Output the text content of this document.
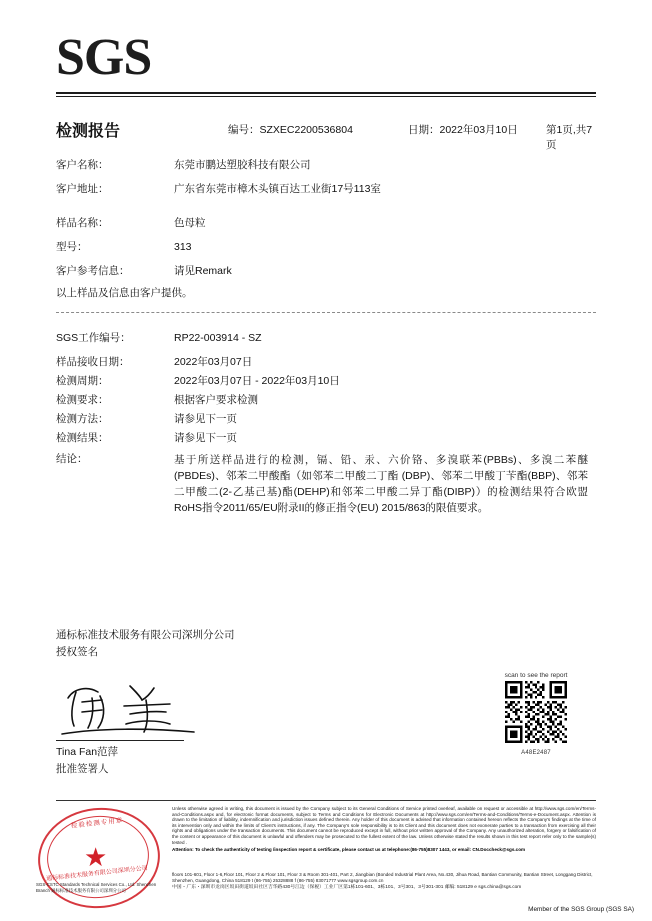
SGS
检测报告	编号：SZXEC2200536804	日期：2022年03月10日	第1页,共7页
客户名称：	东莞市鹏达塑胶科技有限公司
客户地址：	广东省东莞市樟木头镇百达工业街17号113室
样品名称：	色母粒
型号：	313
客户参考信息：	请见Remark
以上样品及信息由客户提供。
SGS工作编号：	RP22-003914 - SZ
样品接收日期：	2022年03月07日
检测周期：	2022年03月07日 - 2022年03月10日
检测要求：	根据客户要求检测
检测方法：	请参见下一页
检测结果：	请参见下一页
结论：	基于所送样品进行的检测，镉、铅、汞、六价铬、多溴联苯(PBBs)、多溴二苯醚(PBDEs)、邻苯二甲酸酯（如邻苯二甲酸二丁酯 (DBP)、邻苯二甲酸丁苄酯(BBP)、邻苯二甲酸二(2-乙基己基)酯(DEHP)和邻苯二甲酸二异丁酯(DIBP)）的检测结果符合欧盟RoHS指令2011/65/EU附录II的修正指令(EU) 2015/863的限值要求。
通标标准技术服务有限公司深圳分公司
授权签名
Tina Fan范萍
批准签署人
scan to see the report
A48E2487
检验检测专用章
★
通标标准技术服务有限公司深圳分公司
SGS-CSTC Standards Technical Services Co., Ltd. Shenzhen Branch 通标标准技术服务有限公司深圳分公司
Unless otherwise agreed in writing, this document is issued by the Company subject to its General Conditions of Service printed overleaf, available on request or accessible at http://www.sgs.com/en/Terms-and-Conditions.aspx and, for electronic format documents, subject to Terms and Conditions for Electronic Documents at http://www.sgs.com/en/Terms-and-Conditions/Terms-e-Document.aspx. Attention is drawn to the limitation of liability, indemnification and jurisdiction issues defined therein. Any holder of this document is advised that information contained hereon reflects the Company's findings at the time of its intervention only and within the limits of Client's instructions, if any. The Company's sole responsibility is to its Client and this document does not exonerate parties to a transaction from exercising all their rights and obligations under the transaction documents. This document cannot be reproduced except in full, without prior written approval of the Company. Any unauthorized alteration, forgery or falsification of the content or appearance of this document is unlawful and offenders may be prosecuted to the fullest extent of the law. Unless otherwise stated the results shown in this test report refer only to the sample(s) tested .
Attention: To check the authenticity of testing /inspection report & certificate, please contact us at telephone:(86-755)8307 1443, or email: CN.Doccheck@sgs.com
floors 101-601, Floor 1-6,Floor 101, Floor 2 & Floor 101, Floor 3 & Room 301-401, Part 2, Jiangbian (Bonded Industrial Plant Area, No.430, Jihua Road, Bantian Community, Bantian Street, Longgang District, Shenzhen, Guangdong, China 518129 t (86-755) 25328888 f (86-755) 83071777 www.sgsgroup.com.cn
中国・广东・深圳市龙岗区坂田街道坂田社区吉华路430号江边（保税）工业厂区第1栋101-601、3栋101、3号301、3号301-301 邮编: 518129 e sgs.china@sgs.com
Member of the SGS Group (SGS SA)
